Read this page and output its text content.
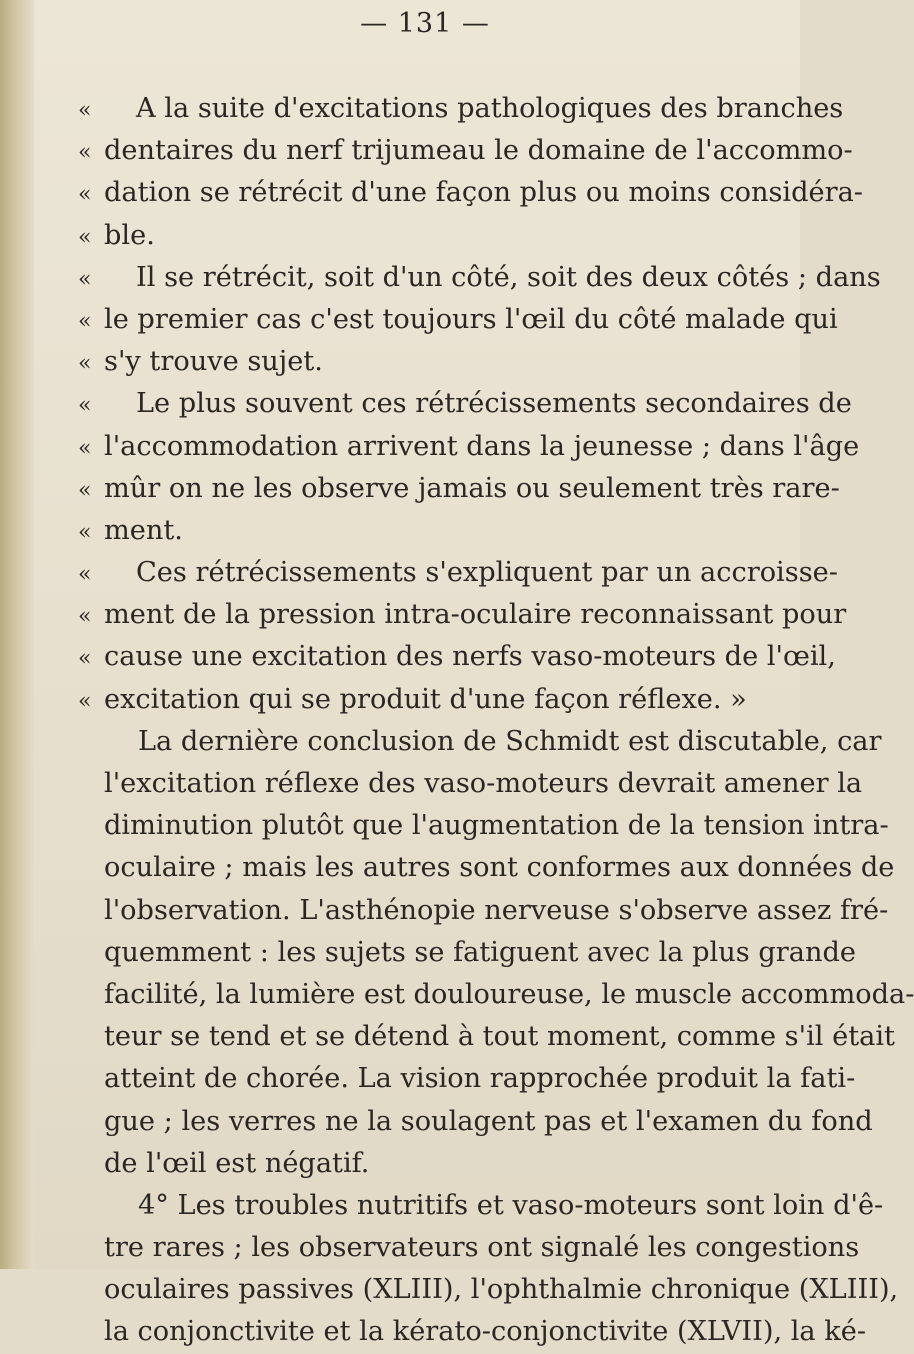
— 131 —
« A la suite d'excitations pathologiques des branches
« dentaires du nerf trijumeau le domaine de l'accommo-
« dation se rétrécit d'une façon plus ou moins considéra-
« ble.
« Il se rétrécit, soit d'un côté, soit des deux côtés ; dans
« le premier cas c'est toujours l'œil du côté malade qui
« s'y trouve sujet.
« Le plus souvent ces rétrécissements secondaires de
« l'accommodation arrivent dans la jeunesse ; dans l'âge
« mûr on ne les observe jamais ou seulement très rare-
« ment.
« Ces rétrécissements s'expliquent par un accroisse-
« ment de la pression intra-oculaire reconnaissant pour
« cause une excitation des nerfs vaso-moteurs de l'œil,
« excitation qui se produit d'une façon réflexe. »
La dernière conclusion de Schmidt est discutable, car
l'excitation réflexe des vaso-moteurs devrait amener la
diminution plutôt que l'augmentation de la tension intra-
oculaire ; mais les autres sont conformes aux données de
l'observation. L'asthénopie nerveuse s'observe assez fré-
quemment : les sujets se fatiguent avec la plus grande
facilité, la lumière est douloureuse, le muscle accommoda-
teur se tend et se détend à tout moment, comme s'il était
atteint de chorée. La vision rapprochée produit la fati-
gue ; les verres ne la soulagent pas et l'examen du fond
de l'œil est négatif.
4° Les troubles nutritifs et vaso-moteurs sont loin d'ê-
tre rares ; les observateurs ont signalé les congestions
oculaires passives (XLIII), l'ophthalmie chronique (XLIII),
la conjonctivite et la kérato-conjonctivite (XLVII), la ké-
